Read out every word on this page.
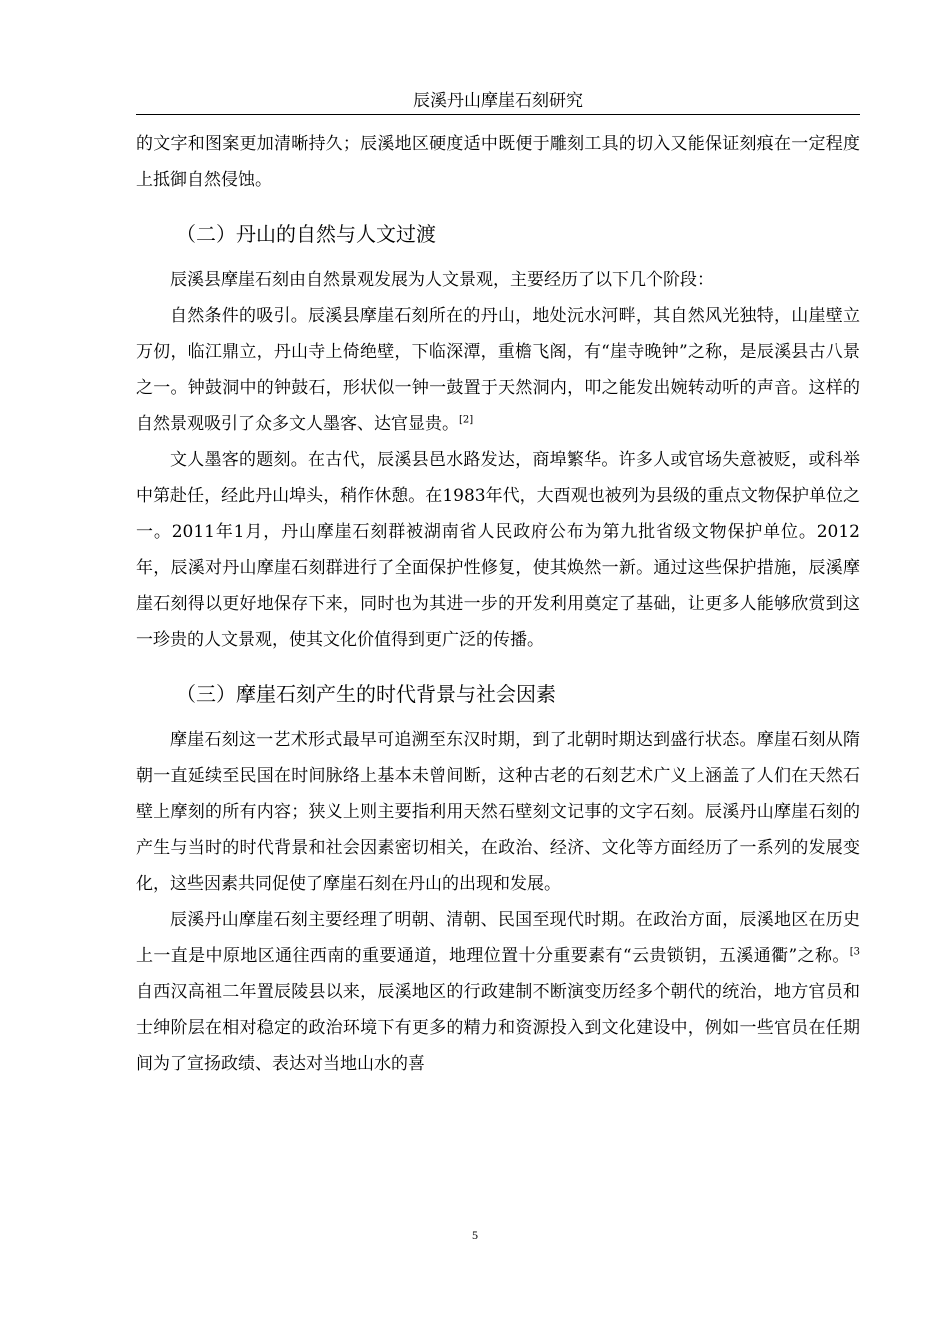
辰溪丹山摩崖石刻研究

的文字和图案更加清晰持久；辰溪地区硬度适中既便于雕刻工具的切入又能保证刻痕在一定程度上抵御自然侵蚀。

（二）丹山的自然与人文过渡

辰溪县摩崖石刻由自然景观发展为人文景观，主要经历了以下几个阶段：

自然条件的吸引。辰溪县摩崖石刻所在的丹山，地处沅水河畔，其自然风光独特，山崖壁立万仞，临江鼎立，丹山寺上倚绝壁，下临深潭，重檐飞阁，有“崖寺晚钟”之称，是辰溪县古八景之一。钟鼓洞中的钟鼓石，形状似一钟一鼓置于天然洞内，叩之能发出婉转动听的声音。这样的自然景观吸引了众多文人墨客、达官显贵。[2]

文人墨客的题刻。在古代，辰溪县邑水路发达，商埠繁华。许多人或官场失意被贬，或科举中第赴任，经此丹山埠头，稍作休憩。在1983年代，大酉观也被列为县级的重点文物保护单位之一。2011年1月，丹山摩崖石刻群被湖南省人民政府公布为第九批省级文物保护单位。2012年，辰溪对丹山摩崖石刻群进行了全面保护性修复，使其焕然一新。通过这些保护措施，辰溪摩崖石刻得以更好地保存下来，同时也为其进一步的开发利用奠定了基础，让更多人能够欣赏到这一珍贵的人文景观，使其文化价值得到更广泛的传播。

（三）摩崖石刻产生的时代背景与社会因素

摩崖石刻这一艺术形式最早可追溯至东汉时期，到了北朝时期达到盛行状态。摩崖石刻从隋朝一直延续至民国在时间脉络上基本未曾间断，这种古老的石刻艺术广义上涵盖了人们在天然石壁上摩刻的所有内容；狭义上则主要指利用天然石壁刻文记事的文字石刻。辰溪丹山摩崖石刻的产生与当时的时代背景和社会因素密切相关，在政治、经济、文化等方面经历了一系列的发展变化，这些因素共同促使了摩崖石刻在丹山的出现和发展。

辰溪丹山摩崖石刻主要经理了明朝、清朝、民国至现代时期。在政治方面，辰溪地区在历史上一直是中原地区通往西南的重要通道，地理位置十分重要素有“云贵锁钥，五溪通衢”之称。$^{[3}$自西汉高祖二年置辰陵县以来，辰溪地区的行政建制不断演变历经多个朝代的统治，地方官员和士绅阶层在相对稳定的政治环境下有更多的精力和资源投入到文化建设中，例如一些官员在任期间为了宣扬政绩、表达对当地山水的喜

5
